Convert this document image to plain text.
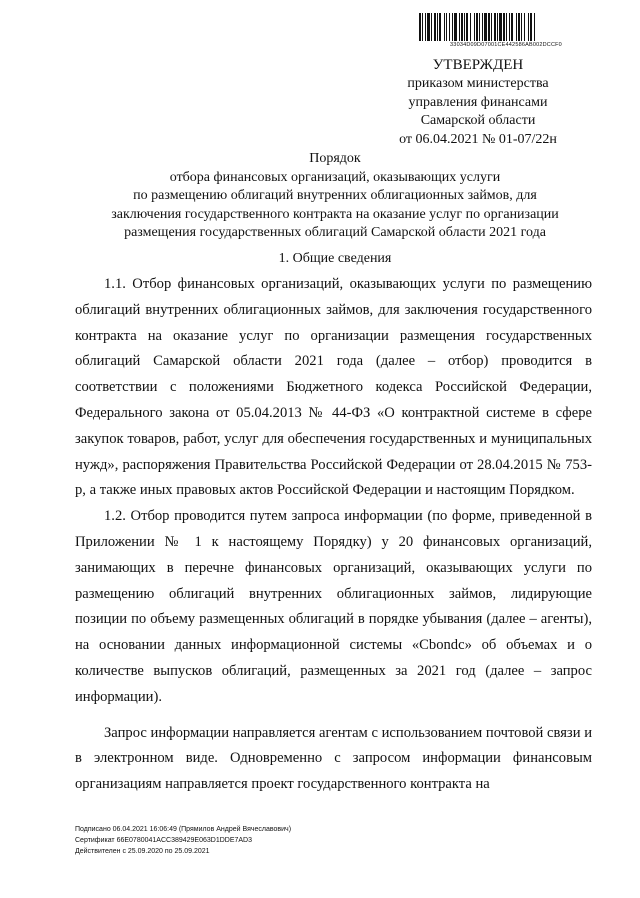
33034D09D07001CE442586AB002DCCF0
УТВЕРЖДЕН
приказом министерства
управления финансами
Самарской области
от 06.04.2021 № 01-07/22н
Порядок
отбора финансовых организаций, оказывающих услуги
по размещению облигаций внутренних облигационных займов, для
заключения государственного контракта на оказание услуг по организации
размещения государственных облигаций Самарской области 2021 года
1. Общие сведения

1.1. Отбор финансовых организаций, оказывающих услуги по размещению облигаций внутренних облигационных займов, для заключения государственного контракта на оказание услуг по организации размещения государственных облигаций Самарской области 2021 года (далее – отбор) проводится в соответствии с положениями Бюджетного кодекса Российской Федерации, Федерального закона от 05.04.2013 № 44-ФЗ «О контрактной системе в сфере закупок товаров, работ, услуг для обеспечения государственных и муниципальных нужд», распоряжения Правительства Российской Федерации от 28.04.2015 № 753-р, а также иных правовых актов Российской Федерации и настоящим Порядком.

1.2. Отбор проводится путем запроса информации (по форме, приведенной в Приложении № 1 к настоящему Порядку) у 20 финансовых организаций, занимающих в перечне финансовых организаций, оказывающих услуги по размещению облигаций внутренних облигационных займов, лидирующие позиции по объему размещенных облигаций в порядке убывания (далее – агенты), на основании данных информационной системы «Cbondc» об объемах и о количестве выпусков облигаций, размещенных за 2021 год (далее – запрос информации).

Запрос информации направляется агентам с использованием почтовой связи и в электронном виде. Одновременно с запросом информации финансовым организациям направляется проект государственного контракта на

Подписано 06.04.2021 16:06:49 (Прямилов Андрей Вячеславович)
Сертификат 66E0780041ACC389429E063D1DDE7AD3
Действителен с 25.09.2020 по 25.09.2021
